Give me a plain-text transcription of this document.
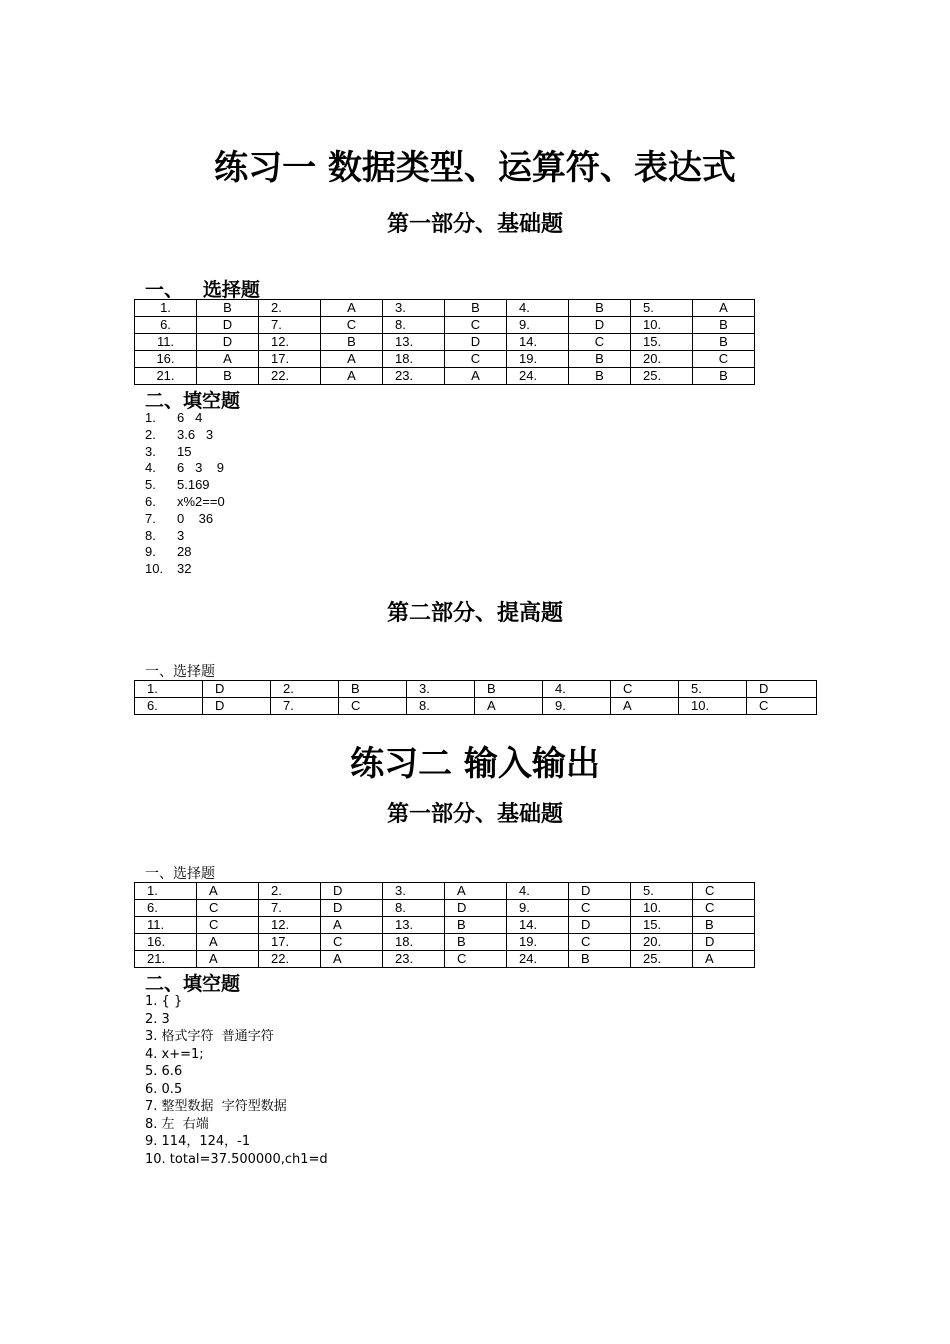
练习一 数据类型、运算符、表达式
第一部分、基础题
一、   选择题
1.	B	2.	A	3.	B	4.	B	5.	A
6.	D	7.	C	8.	C	9.	D	10.	B
11.	D	12.	B	13.	D	14.	C	15.	B
16.	A	17.	A	18.	C	19.	B	20.	C
21.	B	22.	A	23.	A	24.	B	25.	B
二、填空题
1. 6   4
2. 3.6   3
3. 15
4. 6   3    9
5. 5.169
6. x%2==0
7. 0    36
8. 3
9. 28
10. 32
第二部分、提高题
一、选择题
1.	D	2.	B	3.	B	4.	C	5.	D
6.	D	7.	C	8.	A	9.	A	10.	C
练习二 输入输出
第一部分、基础题
一、选择题
1.	A	2.	D	3.	A	4.	D	5.	C
6.	C	7.	D	8.	D	9.	C	10.	C
11.	C	12.	A	13.	B	14.	D	15.	B
16.	A	17.	C	18.	B	19.	C	20.	D
21.	A	22.	A	23.	C	24.	B	25.	A
二、填空题
1. { }
2. 3
3. 格式字符  普通字符
4. x+=1;
5. 6.6
6. 0.5
7. 整型数据  字符型数据
8. 左  右端
9. 114，124，-1
10. total=37.500000,ch1=d
